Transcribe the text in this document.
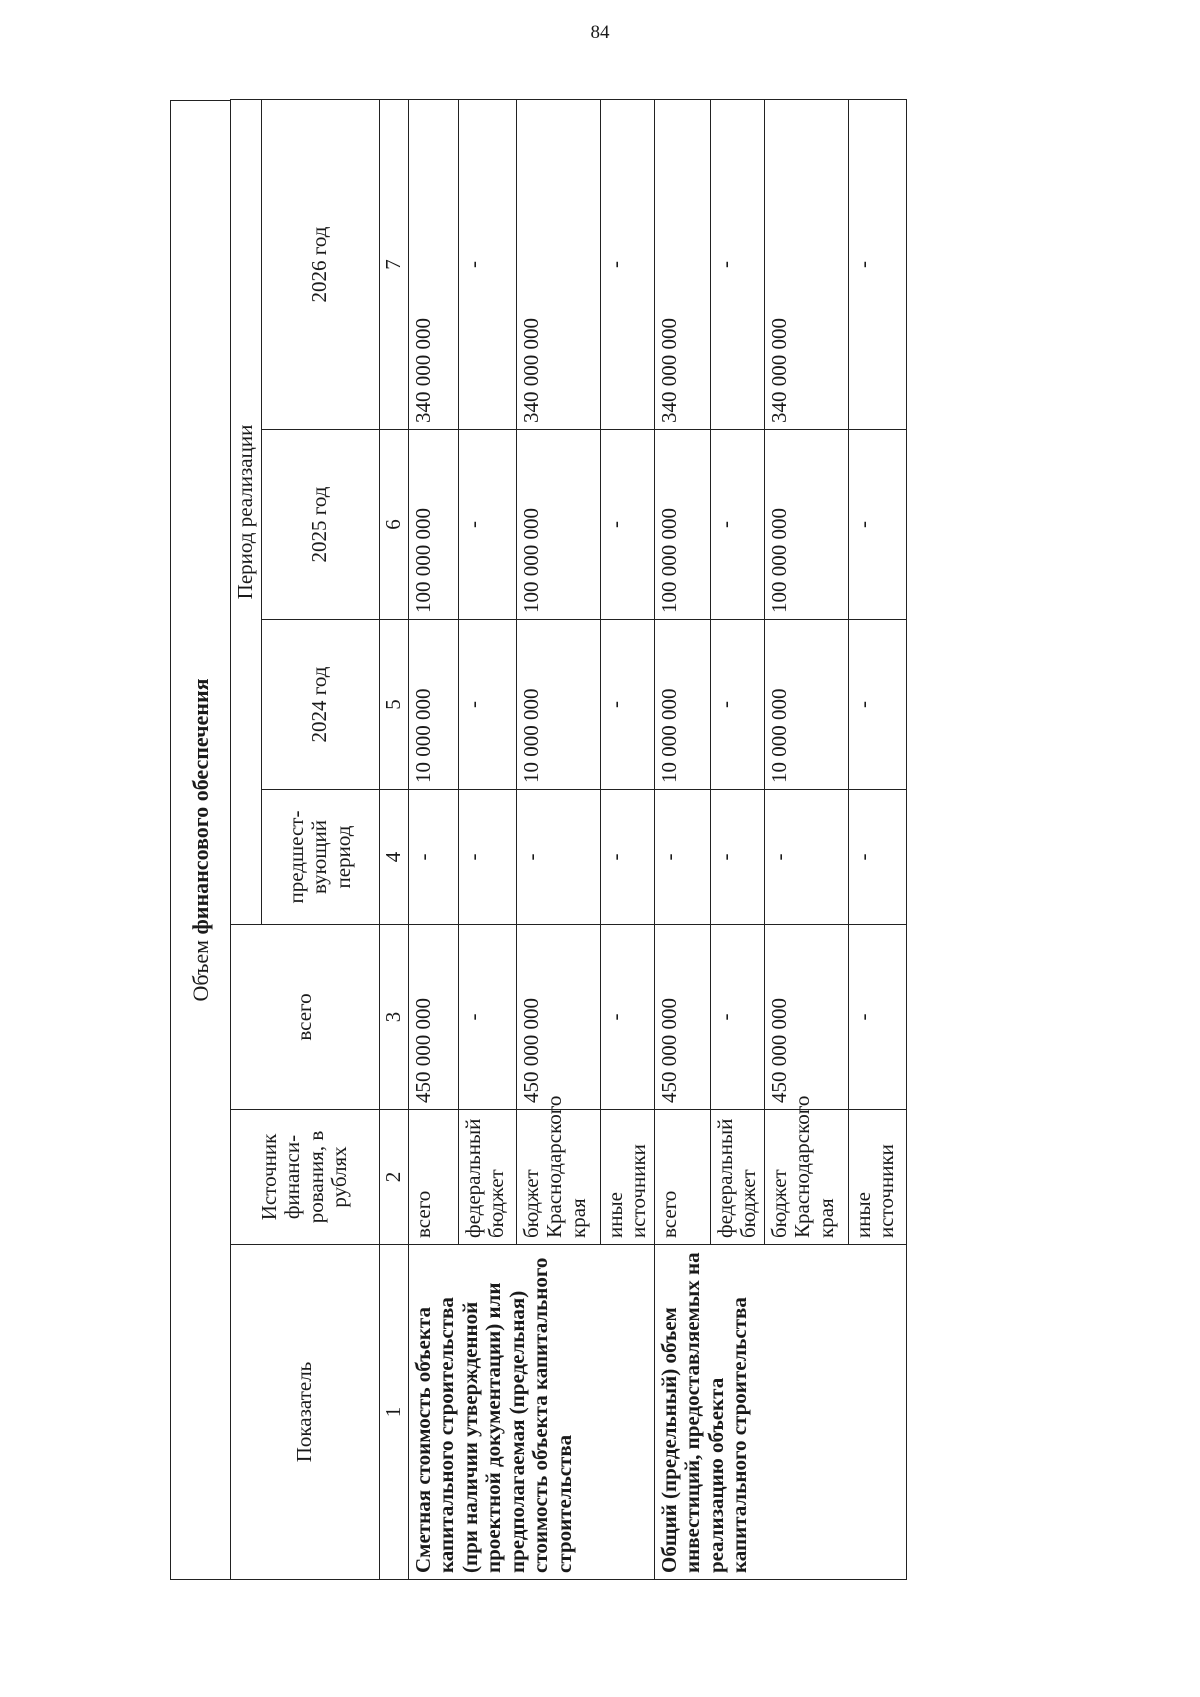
84
Объем финансового обеспечения
Показатель	Источник финанси-рования, в рублях	всего	Период реализации			
			предшест-вующий период	2024 год	2025 год	2026 год
1	2	3	4	5	6	7
Сметная стоимость объекта капитального строительства (при наличии утвержденной проектной документации) или предполагаемая (предельная) стоимость объекта капитального строительства	всего	450 000 000	-	10 000 000	100 000 000	340 000 000
	федеральный бюджет	-	-	-	-	-
	бюджет Краснодарского края	450 000 000	-	10 000 000	100 000 000	340 000 000
	иные источники	-	-	-	-	-
Общий (предельный) объем инвестиций, предоставляемых на реализацию объекта капитального строительства	всего	450 000 000	-	10 000 000	100 000 000	340 000 000
	федеральный бюджет	-	-	-	-	-
	бюджет Краснодарского края	450 000 000	-	10 000 000	100 000 000	340 000 000
	иные источники	-	-	-	-	-
